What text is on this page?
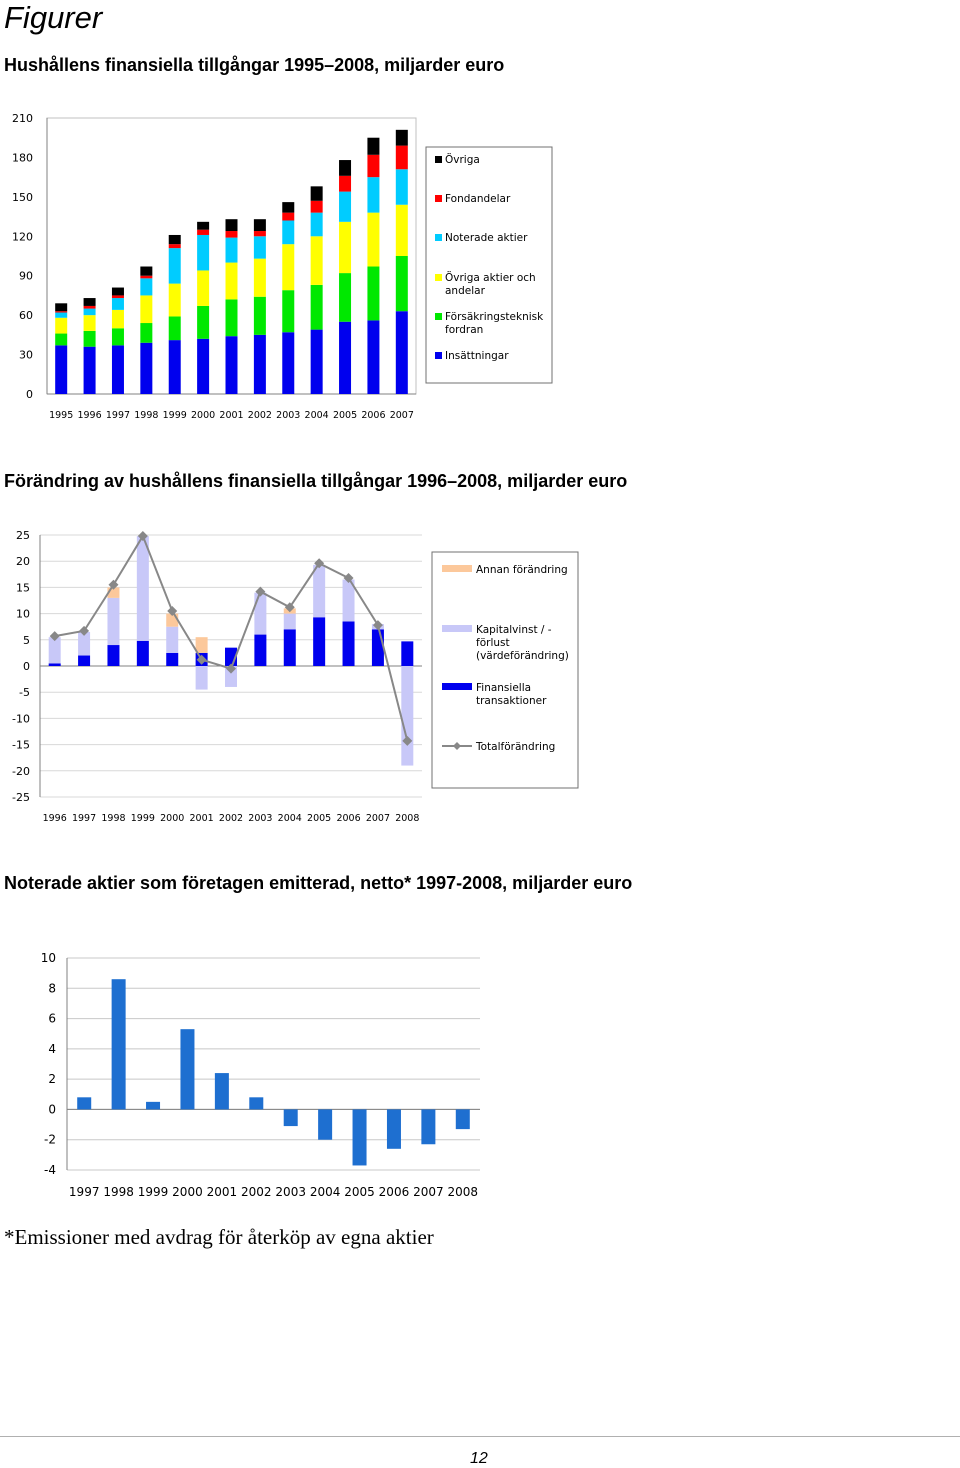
Figurer
Hushållens finansiella tillgångar 1995–2008, miljarder euro
Förändring av hushållens finansiella tillgångar 1996–2008, miljarder euro
Noterade aktier som företagen emitterad, netto* 1997-2008, miljarder euro
0
30
60
90
120
150
180
210
1995 1996 1997 1998 1999 2000 2001 2002 2003 2004 2005 2006 2007
Övriga
Fondandelar
Noterade aktier
Övriga aktier och andelar
Försäkringsteknisk fordran
Insättningar
-25
-20
-15
-10
-5
0
5
10
15
20
25
1996 1997 1998 1999 2000 2001 2002 2003 2004 2005 2006 2007 2008
Annan förändring
Kapitalvinst / -förlust (värdeförändring)
Finansiella transaktioner
Totalförändring
-4
-2
0
2
4
6
8
10
1997 1998 1999 2000 2001 2002 2003 2004 2005 2006 2007 2008
*Emissioner med avdrag för återköp av egna aktier
12
